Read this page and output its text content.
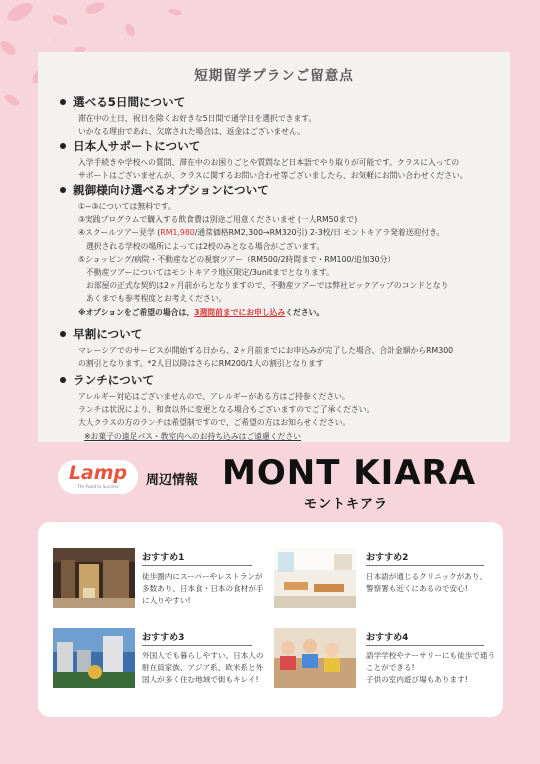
短期留学プランご留意点
選べる5日間について
滞在中の土日、祝日を除くお好きな5日間で通学日を選択できます。
いかなる理由であれ、欠席された場合は、返金はございません。
日本人サポートについて
入学手続きや学校への質問、滞在中のお困りごとや質問など日本語でやり取りが可能です。クラスに入っての
サポートはございませんが、クラスに関するお問い合わせ等ございましたら、お気軽にお問い合わせください。
親御様向け選べるオプションについて
①~③については無料です。
③実践プログラムで購入する飲食費は別途ご用意くださいませ (一人RM50まで)
④スクールツアー見学 (RM1,980/通常価格RM2,300→RM320引) 2-3校/日 モントキアラ発着送迎付き。
選択される学校の場所によっては2校のみとなる場合がございます。
⑤ショッピング/病院・不動産などの視察ツアー（RM500/2時間まで・RM100/追加30分）
不動産ツアーについてはモントキアラ地区限定/3unitまでとなります。
お部屋の正式な契約は2ヶ月前からとなりますので、不動産ツアーでは弊社ピックアップのコンドとなり
あくまでも参考程度とお考えください。
※オプションをご希望の場合は、3週間前までにお申し込みください。
早割について
マレーシアでのサービスが開始する日から、2ヶ月前までにお申込みが完了した場合、合計金額からRM300
の割引となります。*2人目以降はさらにRM200/1人の割引となります
ランチについて
アレルギー対応はございませんので、アレルギーがある方はご持参ください。
ランチは状況により、和食以外に変更となる場合もございますのでご了承ください。
大人クラスの方のランチは希望制ですので、ご希望の方はお知らせください。
※お菓子の遠足パス・教室内へのお持ち込みはご遠慮ください
Lamp
The Road to Success	周辺情報 MONT KIARA
モントキアラ
おすすめ1
徒歩圏内にスーパーやレストランが
多数あり、日本食・日本の食材が手
に入りやすい!
おすすめ2
日本語が通じるクリニックがあり、
警察署も近くにあるので安心!
おすすめ3
外国人でも暮らしやすい。日本人の
駐在員家族、アジア系、欧米系と外
国人が多く住む地域で街もキレイ!
おすすめ4
語学学校やナーサリーにも徒歩で通う
ことができる!
子供の室内遊び場もあります!
